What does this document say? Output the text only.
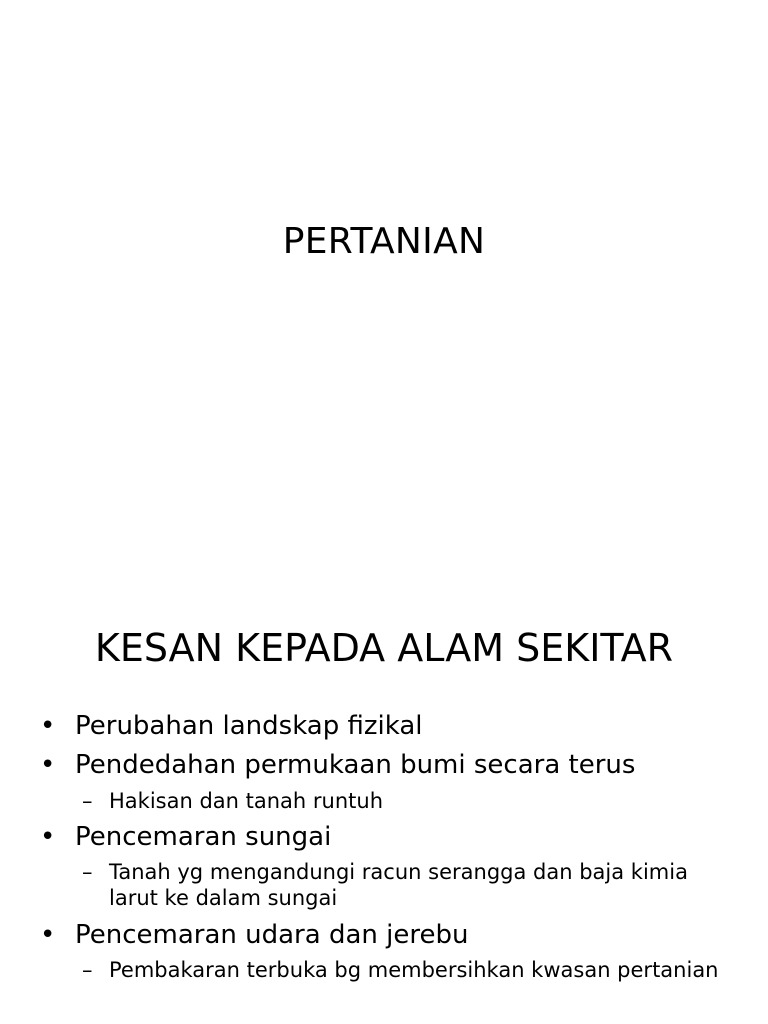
PERTANIAN
KESAN KEPADA ALAM SEKITAR
• Perubahan landskap fizikal
• Pendedahan permukaan bumi secara terus
– Hakisan dan tanah runtuh
• Pencemaran sungai
– Tanah yg mengandungi racun serangga dan baja kimia larut ke dalam sungai
• Pencemaran udara dan jerebu
– Pembakaran terbuka bg membersihkan kwasan pertanian
